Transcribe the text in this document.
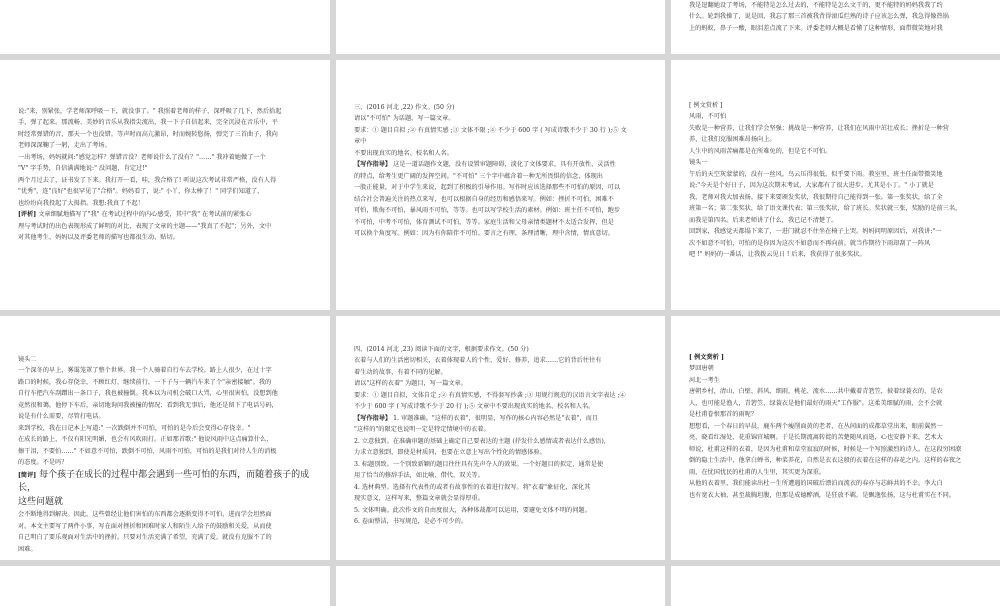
我是逗翻她设了考场，不能特是怎么过去的，不能特是怎么文干的，更不能特的妈妈我我了约

什么。轮到我操了，说是回，我忘了那三首被我背得滚瓜烂熟的诗子应该怎么弹，我急得像热锅

上的蚂蚁，鼻子一酸，眼泪差点流了下来。评委老师大概是看懂了这种情形，面带微笑地对我

说:"来，别紧张，学老师深呼吸一下，就没事了。" 我照着老师的样子，深呼吸了几下，然后拾起

手，弹了起来。那流畅、美妙的音乐从我指尖流出，我一下子自信起来，完全沉浸在音乐中，平

时经常弹错的音，那天一个也没错。等声时而高亢激昂，时而婉转悠扬，弹完了三首曲子，我向

老师深深鞠了一躬，走出了考场。

一出考场，妈妈就问:"感觉怎样？弹错音没？老师说什么了没有？"……" 我冲着她做了一个

"V" 字手势，自信满满地说:" 没问题，肯定过!"

两个月过去了，证书发了下来。我打开一看，哇，我合格了! 听说这次考试非常严格，没有人得

"优秀"，连"良好"也很罕见了"合格"。妈妈看了，说:" 小丫，你太棒了！" 同学们知道了，

也纷纷向我投起了大拇指。我想:我真了不起！

[评析] 文章细腻地描写了"我" 在考试过程中的内心感受，其中"我" 在考试前的紧张心

理与考试时的出色表现形成了鲜明的对比，表现了文章的主题——"我真了不起"；另外，文中

对其他考生、妈妈以及评委老师的描写也都很生动、贴切。

三、(2016 河北 ,22) 作文。(50 分)

请以"不可怕" 为话题，写一篇文章。

要求：① 题目自拟 ;② 有真情实感 ;③ 文体不限 ;④ 不少于 600 字 ( 写成诗歌不少于 30 行 );⑤ 文

章中

不要出现真实的地名、校名和人名。

【写作指导】 这是一道话题作文题，没有设置审题障碍，淡化了文体要求，具有开放性、灵活性

的特点，给考生更广阔的发挥空间。"不可怕" 三个字中蕴含着一种无所畏惧的信念，体现出

一股正能量，对于中学生来说，起到了积极的引导作用。写作时应该选择那些不可怕的原因，可以

结合社会普遍关注的热点来写，也可以根据自身的经历和感悟来写。例如：挫折不可怕，困难不

可怕，欺侮不可怕，暴风雨不可怕，等等。也可以写学校生活的素材。例如：班主任不可怕，跑步

不可怕，中考不可怕，体育测试不可怕，等等。家庭生活和父母亲情类题材不太适合发挥，但是

可以换个角度写。例如：因为有你陪伴不可怕。要言之有理，条理清晰，理中含情，情真意切。

[ 例文赏析 ]

风雨，不可怕

失败是一种营养，让我们学会坚强；挑战是一种营养，让我们在风雨中茁壮成长；挫折是一种营

养，让我们克服困难昂扬向上。

人生中的风雨苦痛都是在所难免的，但是它不可怕。

镜头一

午后的天空灰蒙蒙的，没有一丝风。鸟云压得很低，似乎要下雨。教室里，班主任面带微笑地

说:"今天是个好日子，因为这次期末考试，大家都有了很大进步。尤其是小丁。" 小丁就是

我，老师对我大加表扬。接下来要颁发奖状，我很期待自己能得到一张。第一张奖状，给了全

班第一名；第二张奖状，给了语文课代表；第三张奖状，给了班长。奖状就三张，奖励的是前三名，

而我是第四名。后来老师讲了什么，我已记不清楚了。

回到家，我感觉天都塌下来了，一进门就忍不住坐在椅子上哭。妈妈问明原因后，对我讲:"一

次不如意不可怕，可怕的是你因为这次不如意而不再向前。就当作期待下雨却刮了一阵风

吧 !" 妈妈的一番话，让我拨云见日 ! 后来，我获得了很多奖状。

镜头二

一个深冬的早上，雾霭笼罩了整个世界。我一个人骑着自行车去学校。路上人很少，在过十字

路口的时候，我心存侥幸，不顾红灯，继续前行，一下子与一辆汽车来了个"亲密接触"。我的

自行车把汽车刮蹭出一条口子，我也被撞倒。我本以为司机会破口大骂，心里很害怕，没想到他

竟然很和蔼。他停下车后，亲切地询问我被撞的情况；看到我无事后，他还是留下了电话号码，

说是有什么需要，尽管打电话。

来到学校，我在日记本上写道:" 一次跌倒并不可怕，可怕的是今后会变得心存侥幸。"

在成长的路上，不仅有阳光明媚，也会有风吹雨打。正如那首歌:" 他说风雨中这点痛算什么，

擦干泪，不要怕……" 不如意不可怕，跌倒不可怕，风雨不可怕，可怕的是我们对待人生的消极

的态度。不是吗？

[简评] 每个孩子在成长的过程中都会遇到一些可怕的东西，而随着孩子的成长，

这些问题就

会不断地得到解决。因此，这些曾经让他们害怕的东西都会逐渐变得不可怕，进而学会坦然面

对。本文主要写了两件小事，写在面对挫折和困难时家人和陌生人给予的鼓励和关爱，从而使

自己明白了要乐观面对生活中的挫折。只要对生活充满了希望，充满了爱，就没有克服不了的

困难。

四、(2014 河北 ,23) 阅读下面的文字，根据要求作文。(50 分)

衣着与人们的生活密切相关，衣着体现着人的个性、爱好、修养，追求……它的背后往往有

着生动的故事，有着不同的见解。

请以"这样的衣着" 为题目，写一篇文章。

要求：① 题目自拟，文体自定 ;② 有真情实感，不得套写抄袭 ;③ 用规行规范的汉语言文字表达 ;④

不少于 600 字 ( 写成诗歌不少于 20 行 );⑤ 文章中不要出现真实的地名、校名和人名。

【写作指导】 1. 审题准确。"这样的衣着"，很明显，写作的核心内容必然是"衣着"，而且

"这样的"的限定也说明一定是特定情境中的衣着。

2. 立意独到。在准确审题的基础上确定自己要表达的主题 (抒发什么感情或者表达什么感悟)，

力求立意独到，即使是材质同，也要在立意上写出个性化的情感体验。

3. 标题别致。一个别致新颖的题目往往具有先声夺人的效果。一个好题目的拟定，通常是使

用了恰当的修辞手法，如比喻、借代、双关等。

4. 选材典型。选择有代表性的或者有故事性的衣着进行叙写。将"衣着"象征化，深化其

现实意义，这样写来，整篇文章就会显得厚重。

5. 文体明确。此次作文的自由度很大，各种体裁都可以运用，要避免文体不明的问题。

6. 卷面整洁，书写规范，是必不可少的。

[ 例文赏析 ]

梦回唐朝

河北一考生

唐朝乡村，清山、白壁、斜风、细雨，桃花、流水……共中戴着青箬笠，披着绿蓑衣的，是农

人，也可能是渔人，青箬笠、绿蓑衣是他们最好的雨天"工作服"。这柔美细腻的雨，会不会就

是杜甫眷恨那首的雨呢？

想想看，一个春日的早晨，鹿车两个瘦削面黄的老者，在丛间面的成都草堂出来，眼前翼然一

亮，晓看红湿处，花重锦官城啊。于是长期流离转徙的苦楚随风而逝，心也安静下来。艺术大

师说，杜甫这样的衣着，是因为杜甫和草堂寂寂的时候，时候是一个写照激烈的诗人。在这段穷困潦

倒的隐士生活中，他拿白蝉书，种菜养花，自然是衣衣这般的衣着在这样的春花之内。这样的春夜之

雨，在忧国忧民的杜甫的人生里，其实更为深重。

从他的衣着里，我们能读出杜一生所遭遇的国破后漂泊而流衣的春亦与芯鲜共的不幸。李大白

也有宽衣大袖，甚至裁胸坦腹，但那是成德醉酒，是狂放不羁，是飘逸张扬，这与杜甫实在不同。
